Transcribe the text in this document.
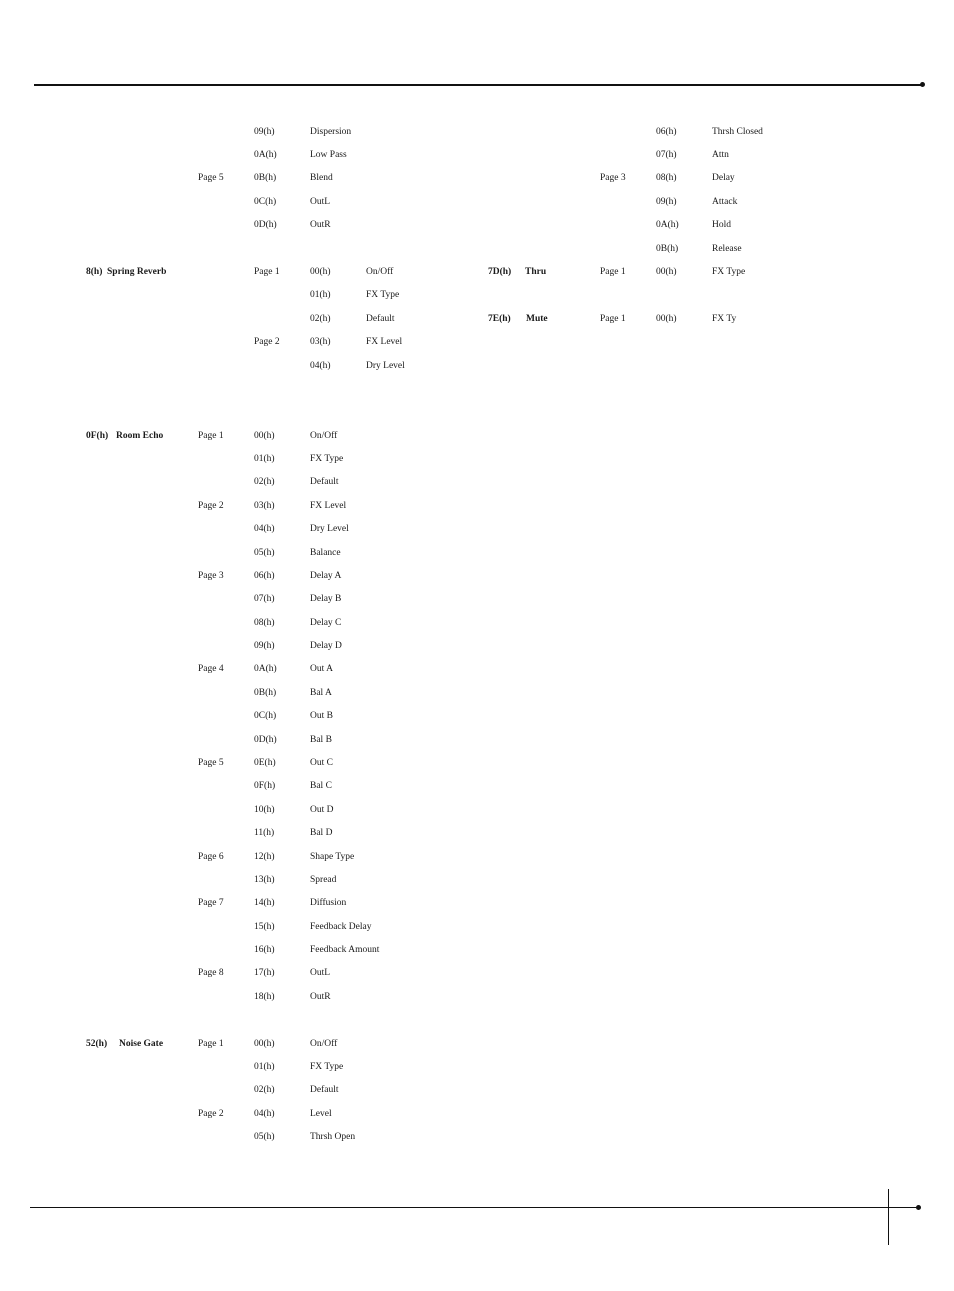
09(h)	Dispersion
0A(h)	Low Pass
Page 5	0B(h)	Blend
0C(h)	OutL
0D(h)	OutR
8(h) Spring Reverb	Page 1	00(h)	On/Off
01(h)	FX Type
02(h)	Default
Page 2	03(h)	FX Level
04(h)	Dry Level
0F(h) Room Echo	Page 1	00(h)	On/Off
01(h)	FX Type
02(h)	Default
Page 2	03(h)	FX Level
04(h)	Dry Level
05(h)	Balance
Page 3	06(h)	Delay A
07(h)	Delay B
08(h)	Delay C
09(h)	Delay D
Page 4	0A(h)	Out A
0B(h)	Bal A
0C(h)	Out B
0D(h)	Bal B
Page 5	0E(h)	Out C
0F(h)	Bal C
10(h)	Out D
11(h)	Bal D
Page 6	12(h)	Shape Type
13(h)	Spread
Page 7	14(h)	Diffusion
15(h)	Feedback Delay
16(h)	Feedback Amount
Page 8	17(h)	OutL
18(h)	OutR
52(h) Noise Gate	Page 1	00(h)	On/Off
01(h)	FX Type
02(h)	Default
Page 2	04(h)	Level
05(h)	Thrsh Open
06(h)	Thrsh Closed
07(h)	Attn
Page 3	08(h)	Delay
09(h)	Attack
0A(h)	Hold
0B(h)	Release
7D(h) Thru	Page 1	00(h)	FX Type
7E(h) Mute	Page 1	00(h)	FX Ty
